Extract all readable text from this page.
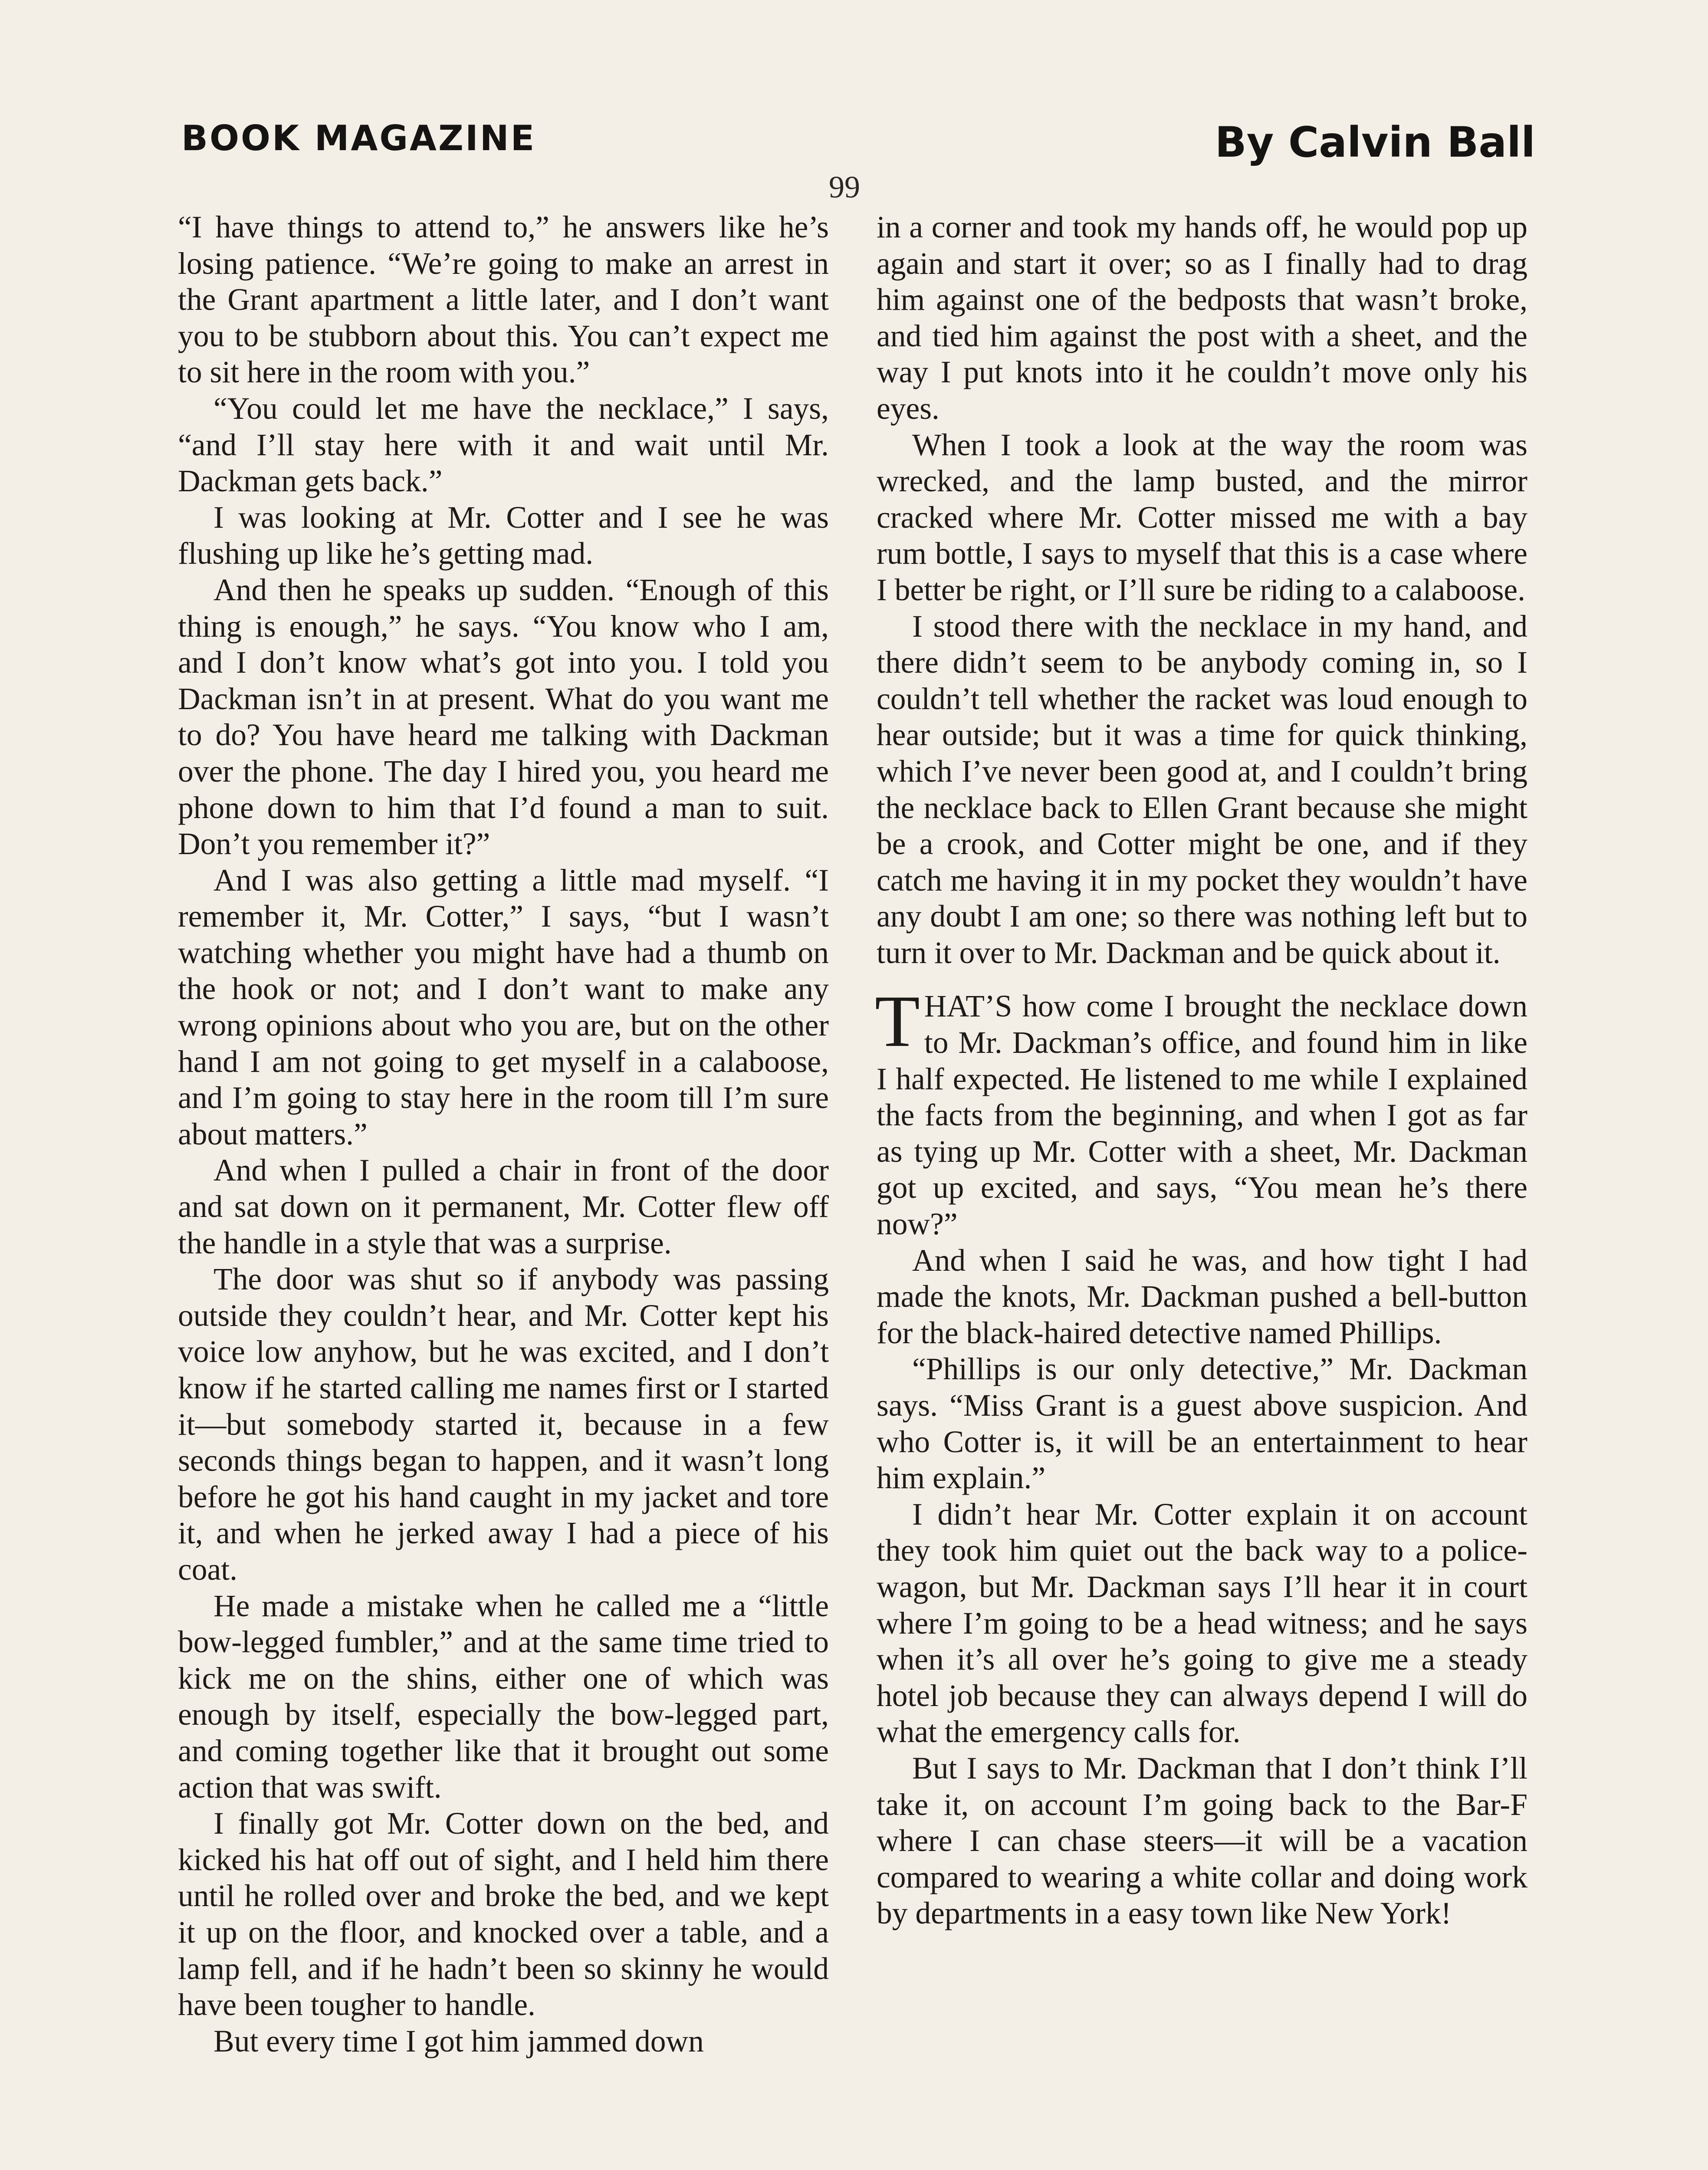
BOOK MAGAZINE	By Calvin Ball
99

“I have things to attend to,” he answers like he’s losing patience. “We’re going to make an arrest in the Grant apartment a little later, and I don’t want you to be stubborn about this. You can’t expect me to sit here in the room with you.”

“You could let me have the necklace,” I says, “and I’ll stay here with it and wait until Mr. Dackman gets back.”

I was looking at Mr. Cotter and I see he was flushing up like he’s getting mad.

And then he speaks up sudden. “Enough of this thing is enough,” he says. “You know who I am, and I don’t know what’s got into you. I told you Dackman isn’t in at present. What do you want me to do? You have heard me talking with Dackman over the phone. The day I hired you, you heard me phone down to him that I’d found a man to suit. Don’t you remember it?”

And I was also getting a little mad myself. “I remember it, Mr. Cotter,” I says, “but I wasn’t watching whether you might have had a thumb on the hook or not; and I don’t want to make any wrong opinions about who you are, but on the other hand I am not going to get myself in a calaboose, and I’m going to stay here in the room till I’m sure about matters.”

And when I pulled a chair in front of the door and sat down on it permanent, Mr. Cotter flew off the handle in a style that was a surprise.

The door was shut so if anybody was passing outside they couldn’t hear, and Mr. Cotter kept his voice low anyhow, but he was excited, and I don’t know if he started calling me names first or I started it—but somebody started it, because in a few seconds things began to happen, and it wasn’t long before he got his hand caught in my jacket and tore it, and when he jerked away I had a piece of his coat.

He made a mistake when he called me a “little bow-legged fumbler,” and at the same time tried to kick me on the shins, either one of which was enough by itself, especially the bow-legged part, and coming together like that it brought out some action that was swift.

I finally got Mr. Cotter down on the bed, and kicked his hat off out of sight, and I held him there until he rolled over and broke the bed, and we kept it up on the floor, and knocked over a table, and a lamp fell, and if he hadn’t been so skinny he would have been tougher to handle.

But every time I got him jammed down

in a corner and took my hands off, he would pop up again and start it over; so as I finally had to drag him against one of the bedposts that wasn’t broke, and tied him against the post with a sheet, and the way I put knots into it he couldn’t move only his eyes.

When I took a look at the way the room was wrecked, and the lamp busted, and the mirror cracked where Mr. Cotter missed me with a bay rum bottle, I says to myself that this is a case where I better be right, or I’ll sure be riding to a calaboose.

I stood there with the necklace in my hand, and there didn’t seem to be anybody coming in, so I couldn’t tell whether the racket was loud enough to hear outside; but it was a time for quick thinking, which I’ve never been good at, and I couldn’t bring the necklace back to Ellen Grant because she might be a crook, and Cotter might be one, and if they catch me having it in my pocket they wouldn’t have any doubt I am one; so there was nothing left but to turn it over to Mr. Dackman and be quick about it.

THAT’S how come I brought the necklace down to Mr. Dackman’s office, and found him in like I half expected. He listened to me while I explained the facts from the beginning, and when I got as far as tying up Mr. Cotter with a sheet, Mr. Dackman got up excited, and says, “You mean he’s there now?”

And when I said he was, and how tight I had made the knots, Mr. Dackman pushed a bell-button for the black-haired detective named Phillips.

“Phillips is our only detective,” Mr. Dackman says. “Miss Grant is a guest above suspicion. And who Cotter is, it will be an entertainment to hear him explain.”

I didn’t hear Mr. Cotter explain it on account they took him quiet out the back way to a police-wagon, but Mr. Dackman says I’ll hear it in court where I’m going to be a head witness; and he says when it’s all over he’s going to give me a steady hotel job because they can always depend I will do what the emergency calls for.

But I says to Mr. Dackman that I don’t think I’ll take it, on account I’m going back to the Bar-F where I can chase steers—it will be a vacation compared to wearing a white collar and doing work by departments in a easy town like New York!
